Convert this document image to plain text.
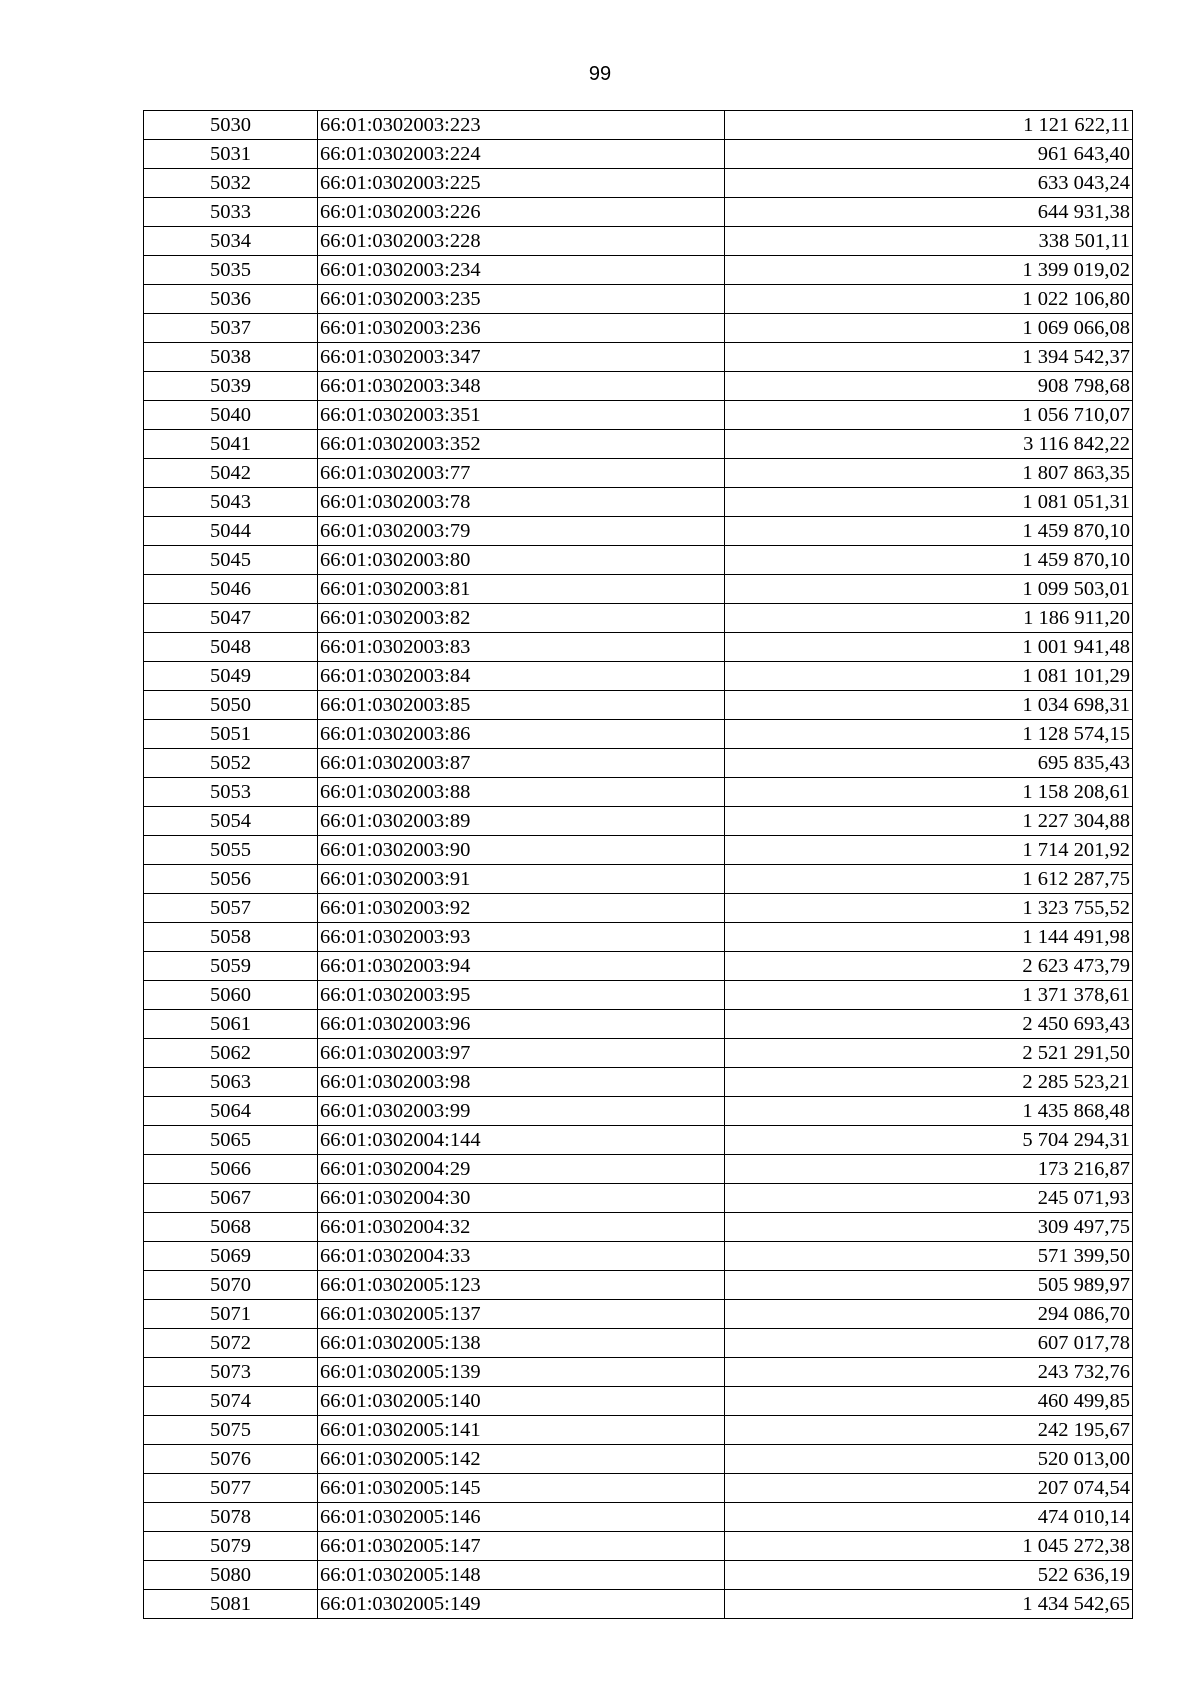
99
5030	66:01:0302003:223	1 121 622,11
5031	66:01:0302003:224	961 643,40
5032	66:01:0302003:225	633 043,24
5033	66:01:0302003:226	644 931,38
5034	66:01:0302003:228	338 501,11
5035	66:01:0302003:234	1 399 019,02
5036	66:01:0302003:235	1 022 106,80
5037	66:01:0302003:236	1 069 066,08
5038	66:01:0302003:347	1 394 542,37
5039	66:01:0302003:348	908 798,68
5040	66:01:0302003:351	1 056 710,07
5041	66:01:0302003:352	3 116 842,22
5042	66:01:0302003:77	1 807 863,35
5043	66:01:0302003:78	1 081 051,31
5044	66:01:0302003:79	1 459 870,10
5045	66:01:0302003:80	1 459 870,10
5046	66:01:0302003:81	1 099 503,01
5047	66:01:0302003:82	1 186 911,20
5048	66:01:0302003:83	1 001 941,48
5049	66:01:0302003:84	1 081 101,29
5050	66:01:0302003:85	1 034 698,31
5051	66:01:0302003:86	1 128 574,15
5052	66:01:0302003:87	695 835,43
5053	66:01:0302003:88	1 158 208,61
5054	66:01:0302003:89	1 227 304,88
5055	66:01:0302003:90	1 714 201,92
5056	66:01:0302003:91	1 612 287,75
5057	66:01:0302003:92	1 323 755,52
5058	66:01:0302003:93	1 144 491,98
5059	66:01:0302003:94	2 623 473,79
5060	66:01:0302003:95	1 371 378,61
5061	66:01:0302003:96	2 450 693,43
5062	66:01:0302003:97	2 521 291,50
5063	66:01:0302003:98	2 285 523,21
5064	66:01:0302003:99	1 435 868,48
5065	66:01:0302004:144	5 704 294,31
5066	66:01:0302004:29	173 216,87
5067	66:01:0302004:30	245 071,93
5068	66:01:0302004:32	309 497,75
5069	66:01:0302004:33	571 399,50
5070	66:01:0302005:123	505 989,97
5071	66:01:0302005:137	294 086,70
5072	66:01:0302005:138	607 017,78
5073	66:01:0302005:139	243 732,76
5074	66:01:0302005:140	460 499,85
5075	66:01:0302005:141	242 195,67
5076	66:01:0302005:142	520 013,00
5077	66:01:0302005:145	207 074,54
5078	66:01:0302005:146	474 010,14
5079	66:01:0302005:147	1 045 272,38
5080	66:01:0302005:148	522 636,19
5081	66:01:0302005:149	1 434 542,65
